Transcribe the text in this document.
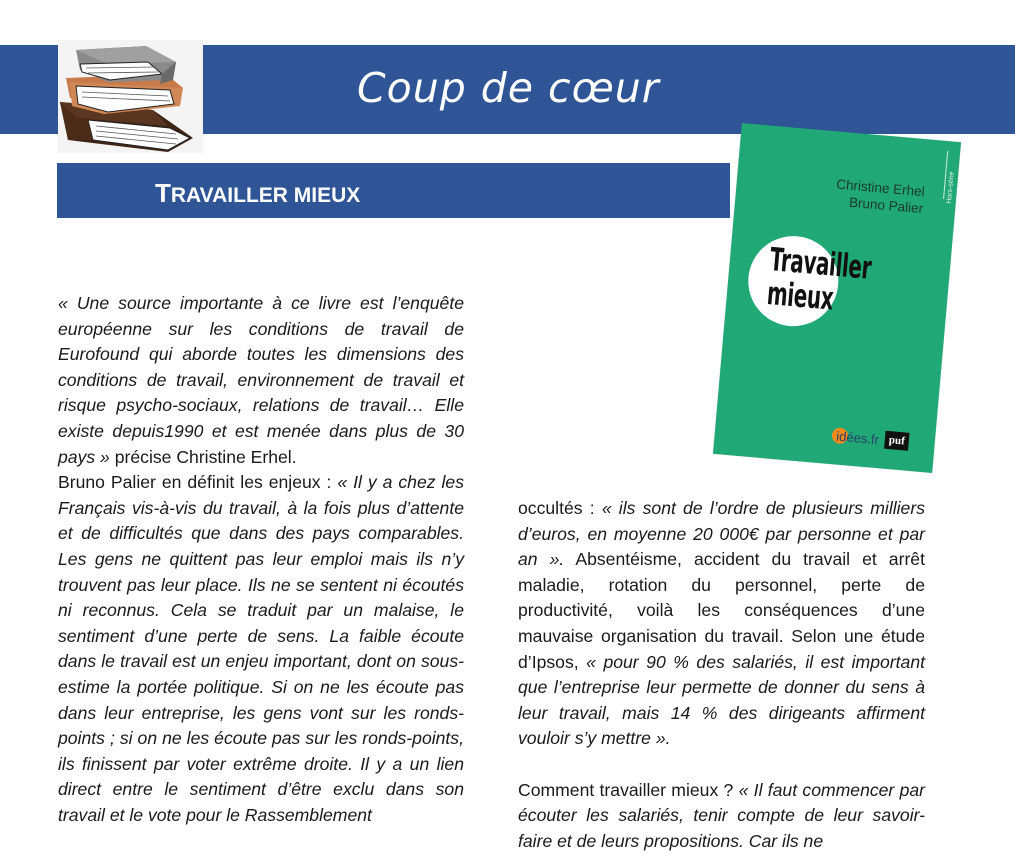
Coup de cœur
TRAVAILLER MIEUX	Hors-série
Christine Erhel
Bruno Palier
Travailler
mieux
idées.fr puf

« Une source importante à ce livre est l’enquête européenne sur les conditions de travail de Eurofound qui aborde toutes les dimensions des conditions de travail, environnement de travail et risque psycho-sociaux, relations de travail… Elle existe depuis1990 et est menée dans plus de 30 pays » précise Christine Erhel.

Bruno Palier en définit les enjeux : « Il y a chez les Français vis-à-vis du travail, à la fois plus d’attente et de difficultés que dans des pays comparables. Les gens ne quittent pas leur emploi mais ils n’y trouvent pas leur place. Ils ne se sentent ni écoutés ni reconnus. Cela se traduit par un malaise, le sentiment d’une perte de sens. La faible écoute dans le travail est un enjeu important, dont on sous-estime la portée politique. Si on ne les écoute pas dans leur entreprise, les gens vont sur les ronds-points ; si on ne les écoute pas sur les ronds-points, ils finissent par voter extrême droite. Il y a un lien direct entre le sentiment d’être exclu dans son travail et le vote pour le Rassemblement

occultés : « ils sont de l’ordre de plusieurs milliers d’euros, en moyenne 20 000€ par personne et par an ». Absentéisme, accident du travail et arrêt maladie, rotation du personnel, perte de productivité, voilà les conséquences d’une mauvaise organisation du travail. Selon une étude d’Ipsos, « pour 90 % des salariés, il est important que l’entreprise leur permette de donner du sens à leur travail, mais 14 % des dirigeants affirment vouloir s’y mettre ».

Comment travailler mieux ? « Il faut commencer par écouter les salariés, tenir compte de leur savoir-faire et de leurs propositions. Car ils ne
